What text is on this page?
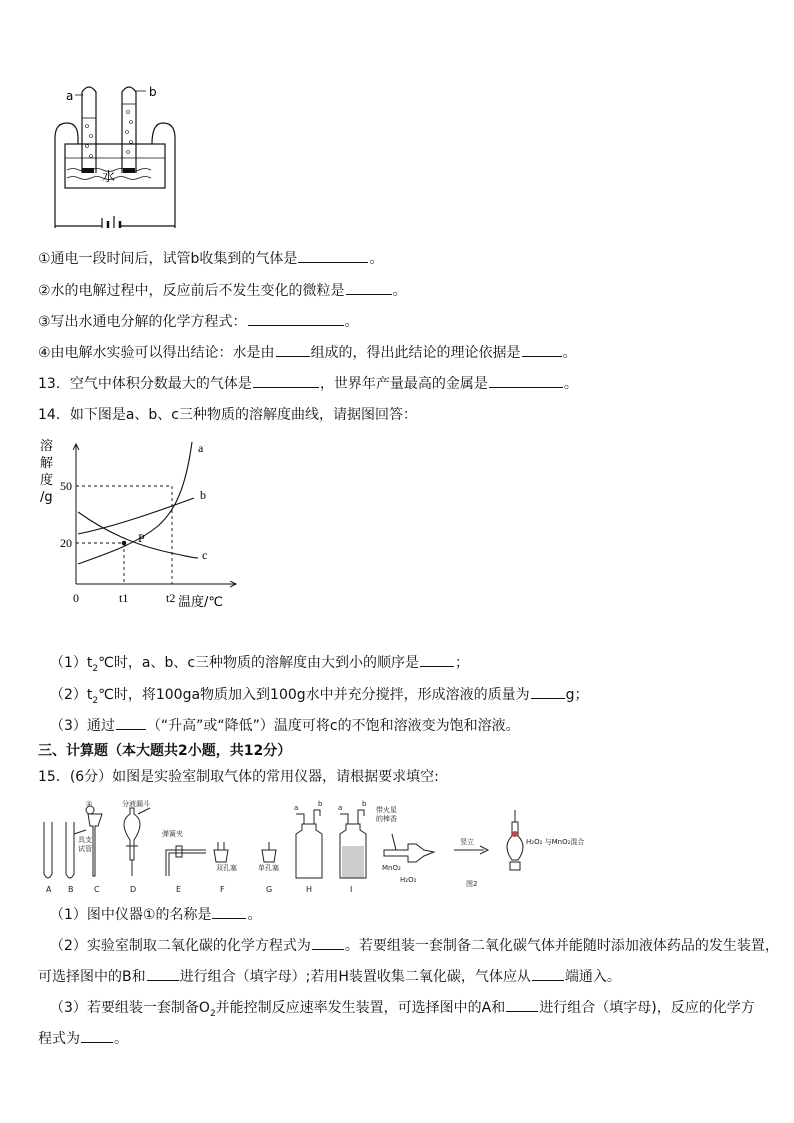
a	b
水
①通电一段时间后，试管b收集到的气体是	。
②水的电解过程中，反应前后不发生变化的微粒是	。
③写出水通电分解的化学方程式：	。
④由电解水实验可以得出结论：水是由	组成的，得出此结论的理论依据是	。
13．空气中体积分数最大的气体是	，世界年产量最高的金属是	。
14．如下图是a、b、c三种物质的溶解度曲线，请据图回答：
溶
解
度
/g
a
b
c
P
50
20
0	t1	t2 温度/℃
$(1)t_2℃$时，a、b、c三种物质的溶解度由大到小的顺序是	；
$(2)t_2℃$时，将100ga物质加入到100g水中并充分搅拌，形成溶液的质量为	g；
（3）通过 （“升高”或“降低”）温度可将c的不饱和溶液变为饱和溶液。
三、计算题（本大题共2小题，共12分）
15．(6分）如图是实验室制取气体的常用仪器，请根据要求填空:
①	分液漏斗
具支
试管
弹簧夹
双孔塞	单孔塞
a	b a	b
带火星
的棒香
MnO₂
H₂O₂
竖立
图2
H₂O₂ 与MnO₂混合
A B	C	D	E	F	G	H	I
（1）图中仪器①的名称是	。
（2）实验室制取二氧化碳的化学方程式为 。若要组装一套制备二氧化碳气体并能随时添加液体药品的发生装置，
可选择图中的B和 进行组合（填字母）;若用H装置收集二氧化碳，气体应从 端通入。
（3）若要组装一套制备$O_2$并能控制反应速率发生装置，可选择图中的A和 进行组合（填字母)，反应的化学方
程式为 。
